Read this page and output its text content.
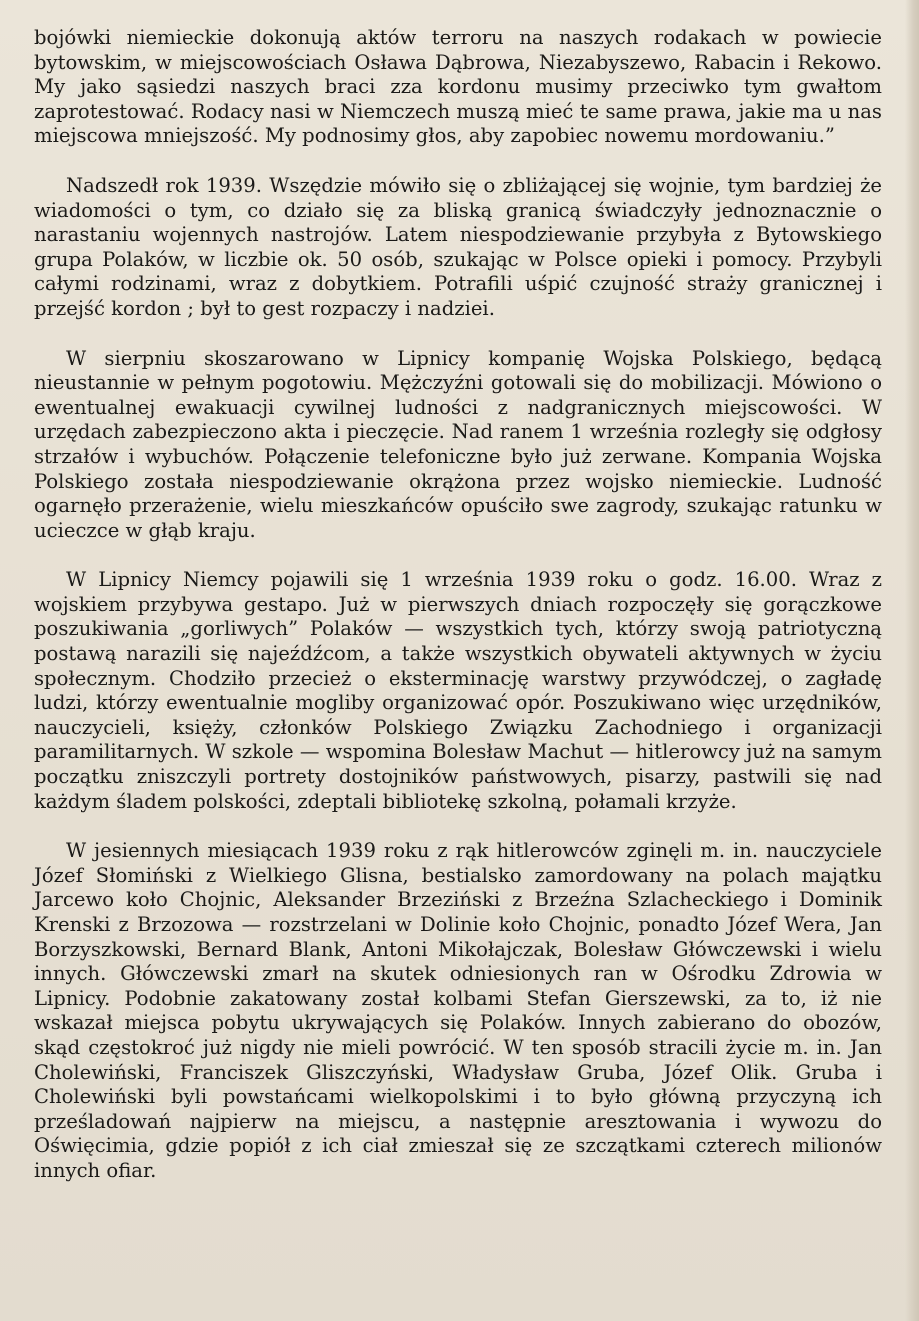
bojówki niemieckie dokonują aktów terroru na naszych rodakach w powiecie bytowskim, w miejscowościach Osława Dąbrowa, Niezabyszewo, Rabacin i Rekowo. My jako sąsiedzi naszych braci zza kordonu musimy przeciwko tym gwałtom zaprotestować. Rodacy nasi w Niemczech muszą mieć te same prawa, jakie ma u nas miejscowa mniejszość. My podnosimy głos, aby zapobiec nowemu mordowaniu.”

Nadszedł rok 1939. Wszędzie mówiło się o zbliżającej się wojnie, tym bardziej że wiadomości o tym, co działo się za bliską granicą świadczyły jednoznacznie o narastaniu wojennych nastrojów. Latem niespodziewanie przybyła z Bytowskiego grupa Polaków, w liczbie ok. 50 osób, szukając w Polsce opieki i pomocy. Przybyli całymi rodzinami, wraz z dobytkiem. Potrafili uśpić czujność straży granicznej i przejść kordon ; był to gest rozpaczy i nadziei.

W sierpniu skoszarowano w Lipnicy kompanię Wojska Polskiego, będącą nieustannie w pełnym pogotowiu. Mężczyźni gotowali się do mobilizacji. Mówiono o ewentualnej ewakuacji cywilnej ludności z nadgranicznych miejscowości. W urzędach zabezpieczono akta i pieczęcie. Nad ranem 1 września rozległy się odgłosy strzałów i wybuchów. Połączenie telefoniczne było już zerwane. Kompania Wojska Polskiego została niespodziewanie okrążona przez wojsko niemieckie. Ludność ogarnęło przerażenie, wielu mieszkańców opuściło swe zagrody, szukając ratunku w ucieczce w głąb kraju.

W Lipnicy Niemcy pojawili się 1 września 1939 roku o godz. 16.00. Wraz z wojskiem przybywa gestapo. Już w pierwszych dniach rozpoczęły się gorączkowe poszukiwania „gorliwych” Polaków — wszystkich tych, którzy swoją patriotyczną postawą narazili się najeźdźcom, a także wszystkich obywateli aktywnych w życiu społecznym. Chodziło przecież o eksterminację warstwy przywódczej, o zagładę ludzi, którzy ewentualnie mogliby organizować opór. Poszukiwano więc urzędników, nauczycieli, księży, członków Polskiego Związku Zachodniego i organizacji paramilitarnych. W szkole — wspomina Bolesław Machut — hitlerowcy już na samym początku zniszczyli portrety dostojników państwowych, pisarzy, pastwili się nad każdym śladem polskości, zdeptali bibliotekę szkolną, połamali krzyże.

W jesiennych miesiącach 1939 roku z rąk hitlerowców zginęli m. in. nauczyciele Józef Słomiński z Wielkiego Glisna, bestialsko zamordowany na polach majątku Jarcewo koło Chojnic, Aleksander Brzeziński z Brzeźna Szlacheckiego i Dominik Krenski z Brzozowa — rozstrzelani w Dolinie koło Chojnic, ponadto Józef Wera, Jan Borzyszkowski, Bernard Blank, Antoni Mikołajczak, Bolesław Główczewski i wielu innych. Główczewski zmarł na skutek odniesionych ran w Ośrodku Zdrowia w Lipnicy. Podobnie zakatowany został kolbami Stefan Gierszewski, za to, iż nie wskazał miejsca pobytu ukrywających się Polaków. Innych zabierano do obozów, skąd częstokroć już nigdy nie mieli powrócić. W ten sposób stracili życie m. in. Jan Cholewiński, Franciszek Gliszczyński, Władysław Gruba, Józef Olik. Gruba i Cholewiński byli powstańcami wielkopolskimi i to było główną przyczyną ich prześladowań najpierw na miejscu, a następnie aresztowania i wywozu do Oświęcimia, gdzie popiół z ich ciał zmieszał się ze szczątkami czterech milionów innych ofiar.
